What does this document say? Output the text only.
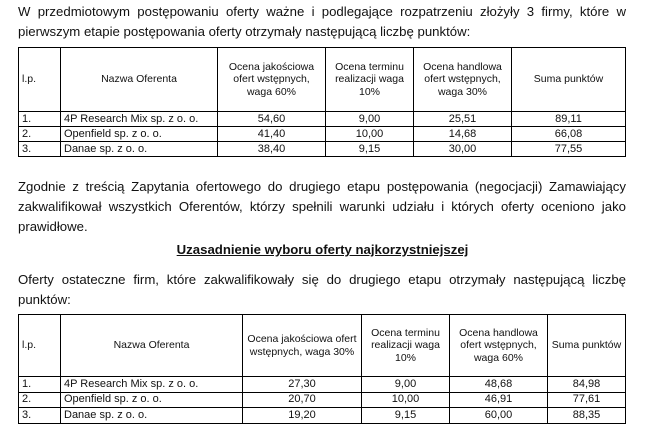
W przedmiotowym postępowaniu oferty ważne i podlegające rozpatrzeniu złożyły 3 firmy, które w pierwszym etapie postępowania oferty otrzymały następującą liczbę punktów:

l.p.	Nazwa Oferenta	Ocena jakościowa ofert wstępnych, waga 60%	Ocena terminu realizacji waga 10%	Ocena handlowa ofert wstępnych, waga 30%	Suma punktów
1.	4P Research Mix sp. z o. o.	54,60	9,00	25,51	89,11
2.	Openfield sp. z o. o.	41,40	10,00	14,68	66,08
3.	Danae sp. z o. o.	38,40	9,15	30,00	77,55

Zgodnie z treścią Zapytania ofertowego do drugiego etapu postępowania (negocjacji) Zamawiający zakwalifikował wszystkich Oferentów, którzy spełnili warunki udziału i których oferty oceniono jako prawidłowe.

Uzasadnienie wyboru oferty najkorzystniejszej

Oferty ostateczne firm, które zakwalifikowały się do drugiego etapu otrzymały następującą liczbę punktów:

l.p.	Nazwa Oferenta	Ocena jakościowa ofert wstępnych, waga 30%	Ocena terminu realizacji waga 10%	Ocena handlowa ofert wstępnych, waga 60%	Suma punktów
1.	4P Research Mix sp. z o. o.	27,30	9,00	48,68	84,98
2.	Openfield sp. z o. o.	20,70	10,00	46,91	77,61
3.	Danae sp. z o. o.	19,20	9,15	60,00	88,35
